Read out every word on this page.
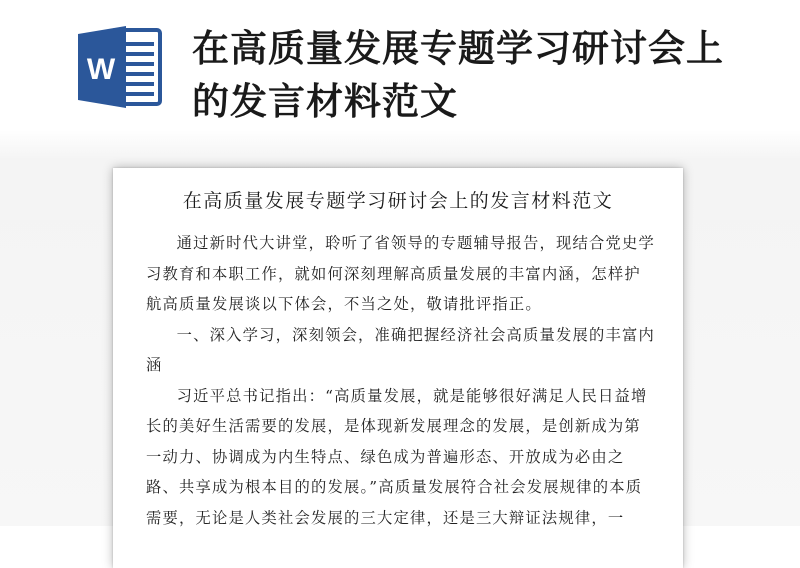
W 在高质量发展专题学习研讨会上的发言材料范文
在高质量发展专题学习研讨会上的发言材料范文

通过新时代大讲堂，聆听了省领导的专题辅导报告，现结合党史学习教育和本职工作，就如何深刻理解高质量发展的丰富内涵，怎样护航高质量发展谈以下体会，不当之处，敬请批评指正。

一、深入学习，深刻领会，准确把握经济社会高质量发展的丰富内涵

习近平总书记指出：“高质量发展，就是能够很好满足人民日益增长的美好生活需要的发展，是体现新发展理念的发展，是创新成为第一动力、协调成为内生特点、绿色成为普遍形态、开放成为必由之路、共享成为根本目的的发展。”高质量发展符合社会发展规律的本质需要，无论是人类社会发展的三大定律，还是三大辩证法规律，一
